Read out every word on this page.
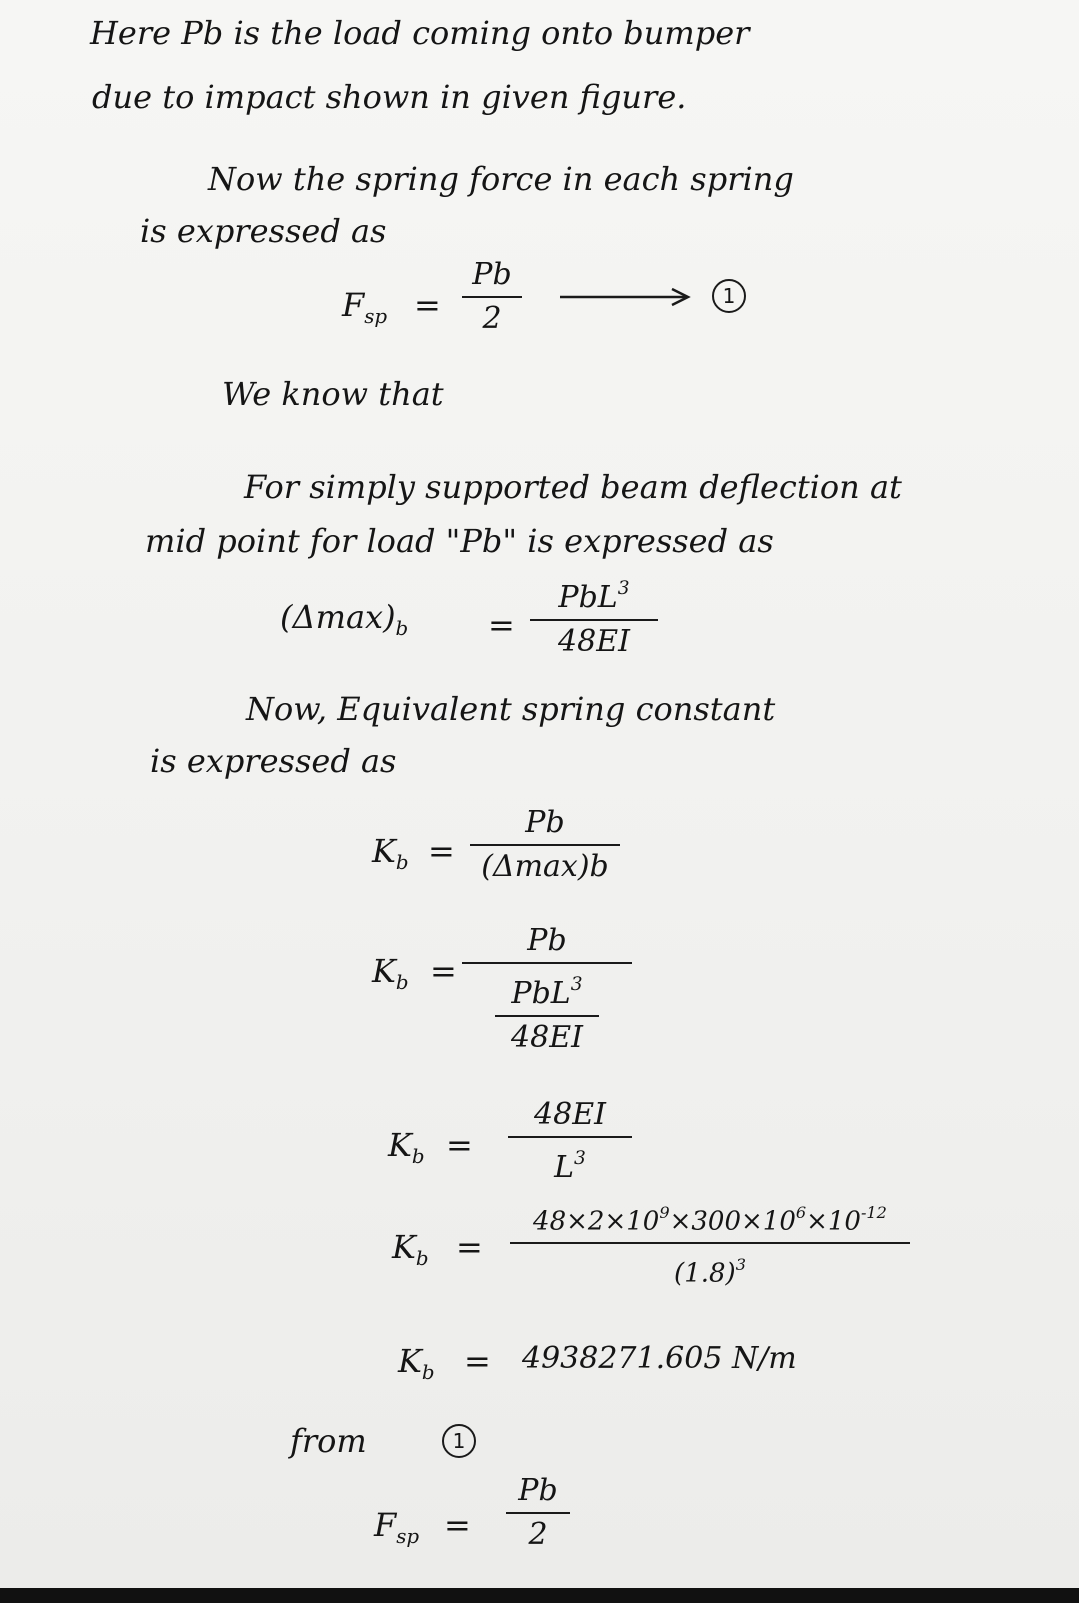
Here Pb is the load coming onto bumper
due to impact shown in given figure.
Now the spring force in each spring
is expressed as
$F_{sp}$ =
Pb
2
1
We know that
For simply supported beam deflection at
mid point for load "Pb" is expressed as
$(\Delta\max)_b$ =
PbL$^3$
48EI
Now, Equivalent spring constant
is expressed as
$K_b$ =
Pb
(Δmax)b
$K_b$ =
Pb
PbL$^3$
48EI
$K_b$ =
48EI
$L^3$
$K_b$ =
$48\times 2\times 10^9\times 300\times 10^6\times 10^{-12}$
$(1.8)^3$
$K_b = 4938271.605$ N/m
from	1
$F_{sp}$ =
Pb
2
